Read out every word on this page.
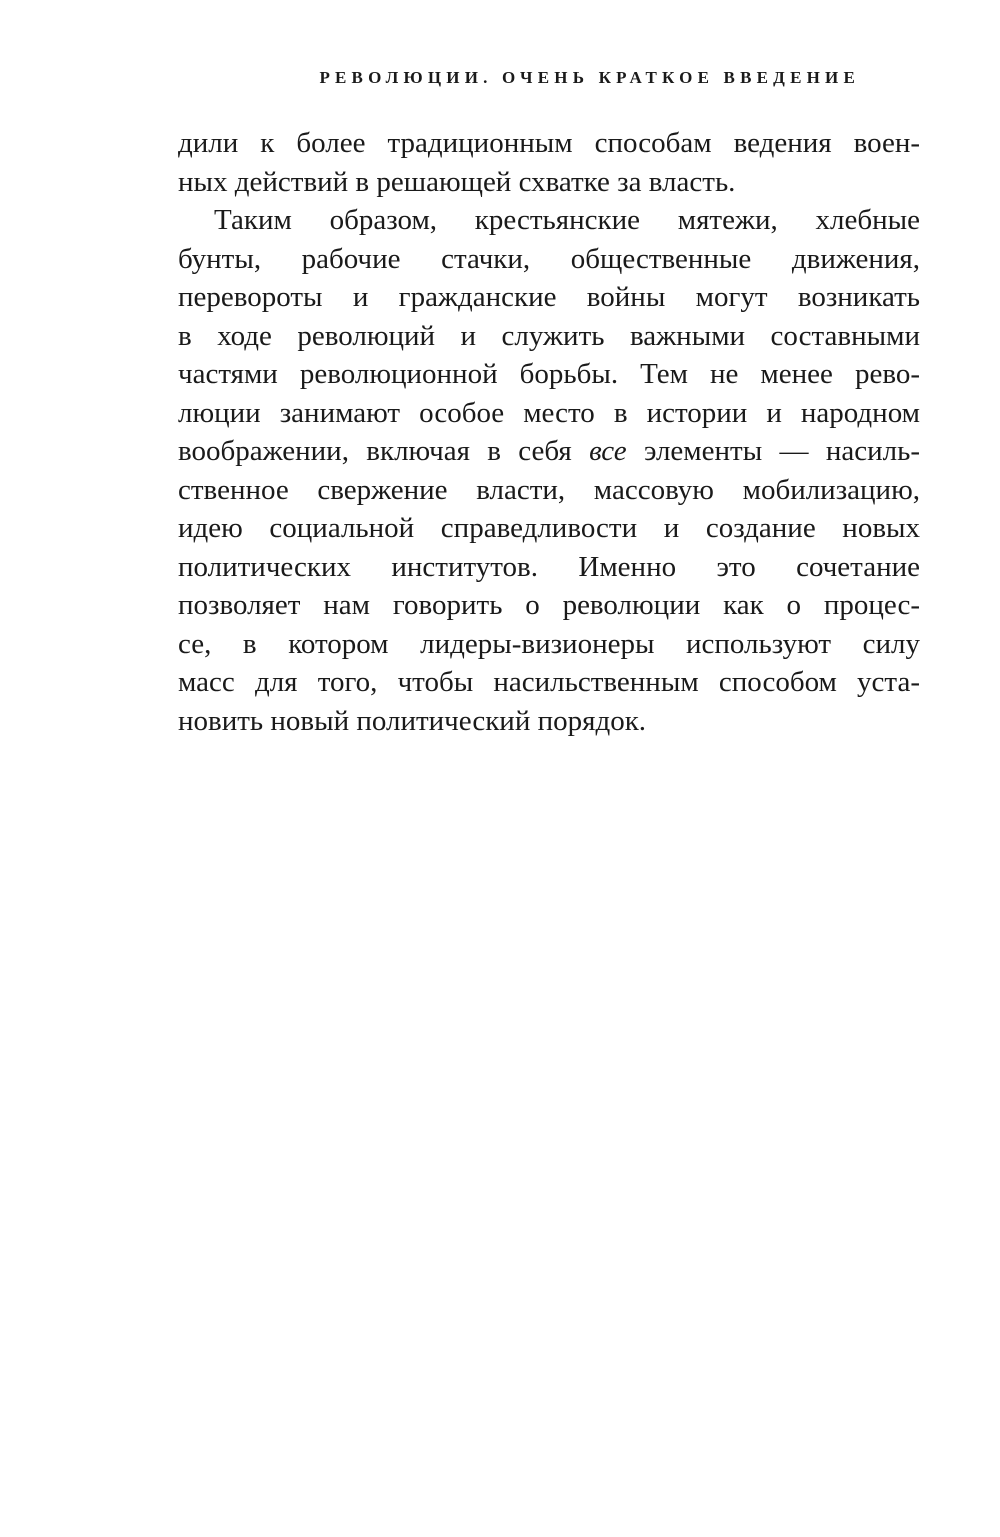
РЕВОЛЮЦИИ. ОЧЕНЬ КРАТКОЕ ВВЕДЕНИЕ
дили к более традиционным способам ведения воен-
ных действий в решающей схватке за власть.
Таким образом, крестьянские мятежи, хлебные
бунты, рабочие стачки, общественные движения,
перевороты и гражданские войны могут возникать
в ходе революций и служить важными составными
частями революционной борьбы. Тем не менее рево-
люции занимают особое место в истории и народном
воображении, включая в себя все элементы — насиль-
ственное свержение власти, массовую мобилизацию,
идею социальной справедливости и создание новых
политических институтов. Именно это сочетание
позволяет нам говорить о революции как о процес-
се, в котором лидеры-визионеры используют силу
масс для того, чтобы насильственным способом уста-
новить новый политический порядок.
